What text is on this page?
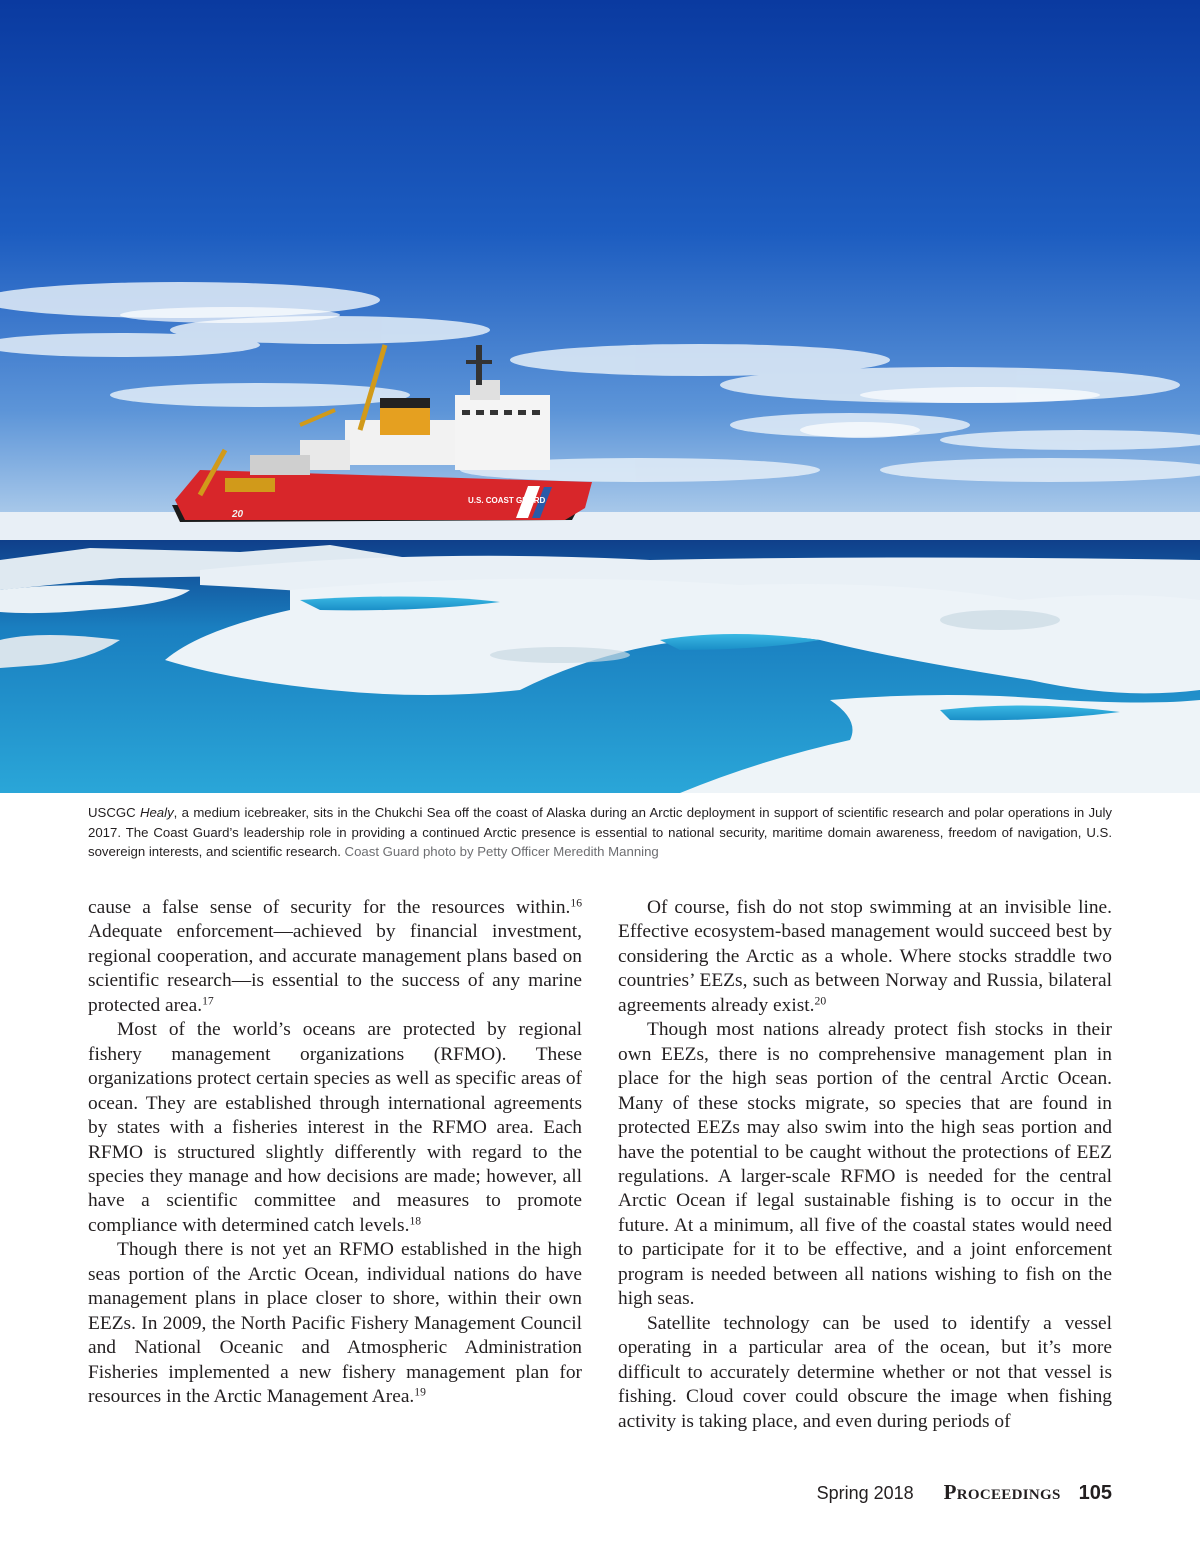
U.S. COAST GUARD
20
USCGC Healy, a medium icebreaker, sits in the Chukchi Sea off the coast of Alaska during an Arctic deployment in support of scientific research and polar operations in July 2017. The Coast Guard’s leadership role in providing a continued Arctic presence is essential to national security, maritime domain awareness, freedom of navigation, U.S. sovereign interests, and scientific research. Coast Guard photo by Petty Officer Meredith Manning

cause a false sense of security for the resources within.$^{16}$ Adequate enforcement—achieved by financial investment, regional cooperation, and accurate management plans based on scientific research—is essential to the success of any marine protected area.$^{17}$

Most of the world’s oceans are protected by regional fishery management organizations (RFMO). These organizations protect certain species as well as specific areas of ocean. They are established through international agreements by states with a fisheries interest in the RFMO area. Each RFMO is structured slightly differently with regard to the species they manage and how decisions are made; however, all have a scientific committee and measures to promote compliance with determined catch levels.$^{18}$

Though there is not yet an RFMO established in the high seas portion of the Arctic Ocean, individual nations do have management plans in place closer to shore, within their own EEZs. In 2009, the North Pacific Fishery Management Council and National Oceanic and Atmospheric Administration Fisheries implemented a new fishery management plan for resources in the Arctic Management Area.$^{19}$

Of course, fish do not stop swimming at an invisible line. Effective ecosystem-based management would succeed best by considering the Arctic as a whole. Where stocks straddle two countries’ EEZs, such as between Norway and Russia, bilateral agreements already exist.$^{20}$

Though most nations already protect fish stocks in their own EEZs, there is no comprehensive management plan in place for the high seas portion of the central Arctic Ocean. Many of these stocks migrate, so species that are found in protected EEZs may also swim into the high seas portion and have the potential to be caught without the protections of EEZ regulations. A larger-scale RFMO is needed for the central Arctic Ocean if legal sustainable fishing is to occur in the future. At a minimum, all five of the coastal states would need to participate for it to be effective, and a joint enforcement program is needed between all nations wishing to fish on the high seas.

Satellite technology can be used to identify a vessel operating in a particular area of the ocean, but it’s more difficult to accurately determine whether or not that vessel is fishing. Cloud cover could obscure the image when fishing activity is taking place, and even during periods of

Spring 2018 Proceedings 105
